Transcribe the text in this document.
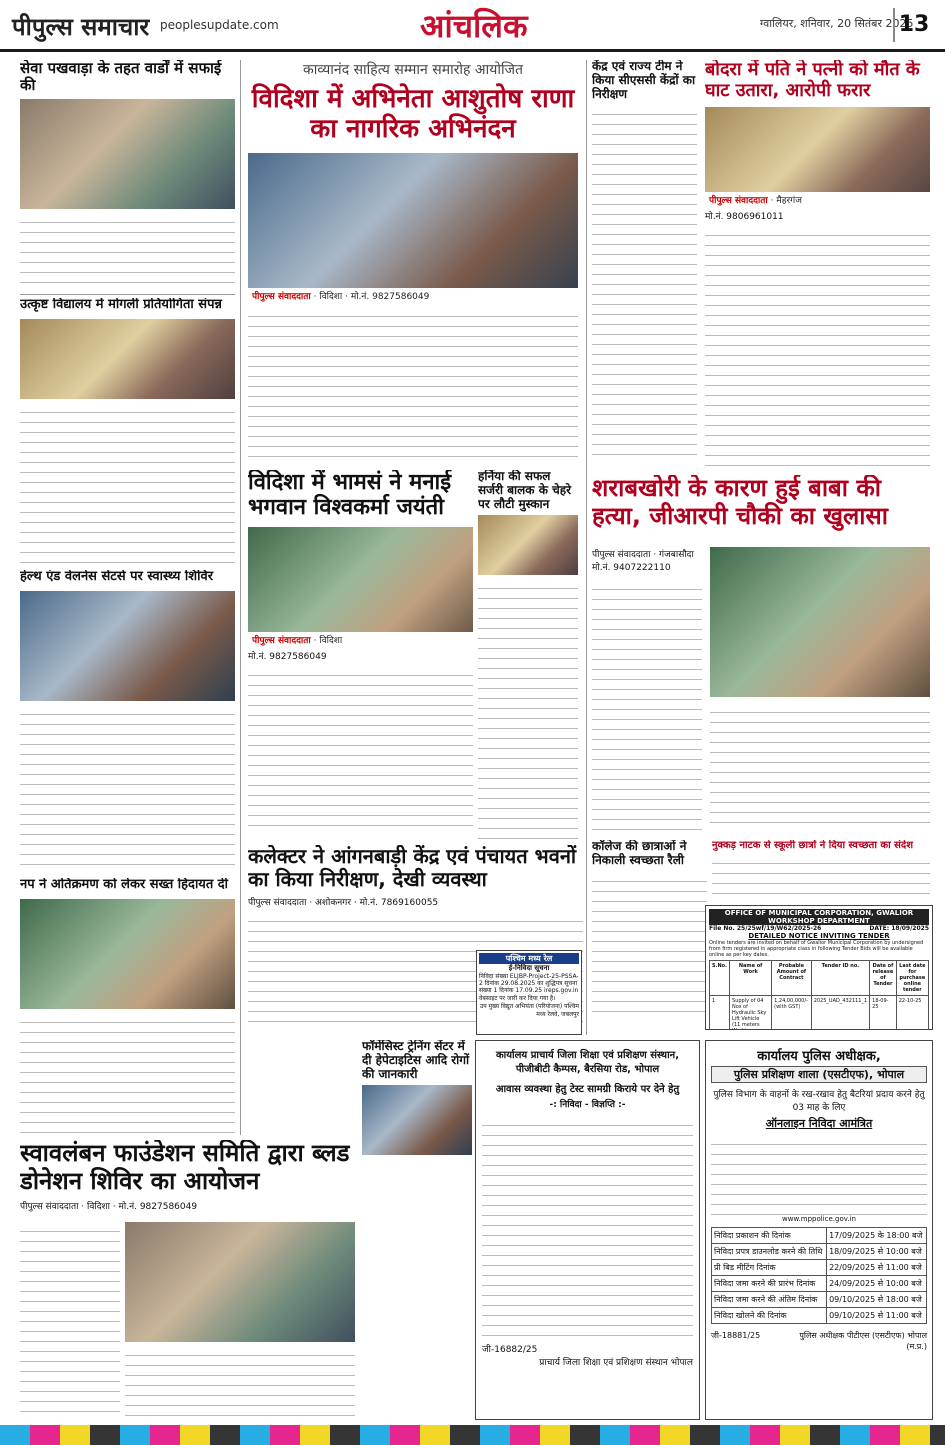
पीपुल्स समाचार peoplesupdate.com	आंचलिक	ग्वालियर, शनिवार, 20 सितंबर 2025
13
सेवा पखवाड़ा के तहत वार्डों में सफाई की
उत्कृष्ट विद्यालय में मोगली प्रतियोगिता संपन्न
हेल्थ एंड वेलनेस सेंटर्स पर स्वास्थ्य शिविर
नप ने अतिक्रमण को लेकर सख्त हिदायत दी
स्वावलंबन फाउंडेशन समिति द्वारा ब्लड डोनेशन शिविर का आयोजन
पीपुल्स संवाददाता · विदिशा · मो.नं. 9827586049
काव्यानंद साहित्य सम्मान समारोह आयोजित
विदिशा में अभिनेता आशुतोष राणा का नागरिक अभिनंदन
पीपुल्स संवाददाता · विदिशा · मो.नं. 9827586049
हर्निया की सफल सर्जरी बालक के चेहरे पर लौटी मुस्कान
विदिशा में भामसं ने मनाई भगवान विश्वकर्मा जयंती
पीपुल्स संवाददाता · विदिशा
मो.नं. 9827586049
कलेक्टर ने आंगनबाड़ी केंद्र एवं पंचायत भवनों का किया निरीक्षण, देखी व्यवस्था
पीपुल्स संवाददाता · अशोकनगर · मो.नं. 7869160055
फॉर्मेसिस्ट ट्रेनिंग सेंटर में दी हेपेटाइटिस आदि रोगों की जानकारी
कार्यालय प्राचार्य जिला शिक्षा एवं प्रशिक्षण संस्थान, पीजीबीटी कैम्पस, बैरसिया रोड, भोपाल
आवास व्यवस्था हेतु टेस्ट सामग्री किराये पर देने हेतु
-: निविदा - विज्ञप्ति :-
जी-16882/25
प्राचार्य जिला शिक्षा एवं प्रशिक्षण संस्थान भोपाल
केंद्र एवं राज्य टीम ने किया सीएससी केंद्रों का निरीक्षण
बोदरा में पति ने पत्नी को मौत के घाट उतारा, आरोपी फरार
पीपुल्स संवाददाता · मैहरगंज
मो.नं. 9806961011
शराबखोरी के कारण हुई बाबा की हत्या, जीआरपी चौकी का खुलासा
पीपुल्स संवाददाता · गंजबासौदा
मो.नं. 9407222110
कॉलेज की छात्राओं ने निकाली स्वच्छता रैली
पश्चिम मध्य रेल
ई-निविदा सूचना
निविदा संख्या ELJBP-Project-25-PSSA-2 दिनांक 29.08.2025 का शुद्धिपत्र सूचना संख्या 1 दिनांक 17.09.25 ireps.gov.in वेबसाइट पर जारी कर दिया गया है।
उप मुख्य विद्युत अभियंता (परियोजना) पश्चिम मध्य रेलवे, जबलपुर
नुक्कड़ नाटक से स्कूली छात्रों ने दिया स्वच्छता का संदेश
OFFICE OF MUNICIPAL CORPORATION, GWALIOR WORKSHOP DEPARTMENT
File No. 25/25wf/19/W62/2025-26	DATE: 18/09/2025
DETAILED NOTICE INVITING TENDER
Online tenders are invited on behalf of Gwalior Municipal Corporation by undersigned from firm registered in appropriate class in following Tender Bids will be available online as per key dates.
S.No.	Name of Work	Probable Amount of Contract	Tender ID no.	Date of release of Tender	Last date for purchase online tender
1	Supply of 04 Nos of Hydraulic Sky Lift Vehicle (11 meters	1,24,00,000/- (with GST)	2025_UAD_432111_1	18-09-25	22-10-25
कार्यालय पुलिस अधीक्षक,
पुलिस प्रशिक्षण शाला (एसटीएफ), भोपाल
पुलिस विभाग के वाहनों के रख-रखाव हेतु बैटरियां प्रदाय करने हेतु 03 माह के लिए
ऑनलाइन निविदा आमंत्रित
www.mppolice.gov.in
निविदा प्रकाशन की दिनांक	17/09/2025 के 18:00 बजे
निविदा प्रपत्र डाउनलोड करने की तिथि	18/09/2025 से 10:00 बजे
प्री बिड मीटिंग दिनांक	22/09/2025 से 11:00 बजे
निविदा जमा करने की प्रारंभ दिनांक	24/09/2025 से 10:00 बजे
निविदा जमा करने की अंतिम दिनांक	09/10/2025 से 18:00 बजे
निविदा खोलने की दिनांक	09/10/2025 से 11:00 बजे
जी-18881/25	पुलिस अधीक्षक पीटीएस (एसटीएफ) भोपाल (म.प्र.)
